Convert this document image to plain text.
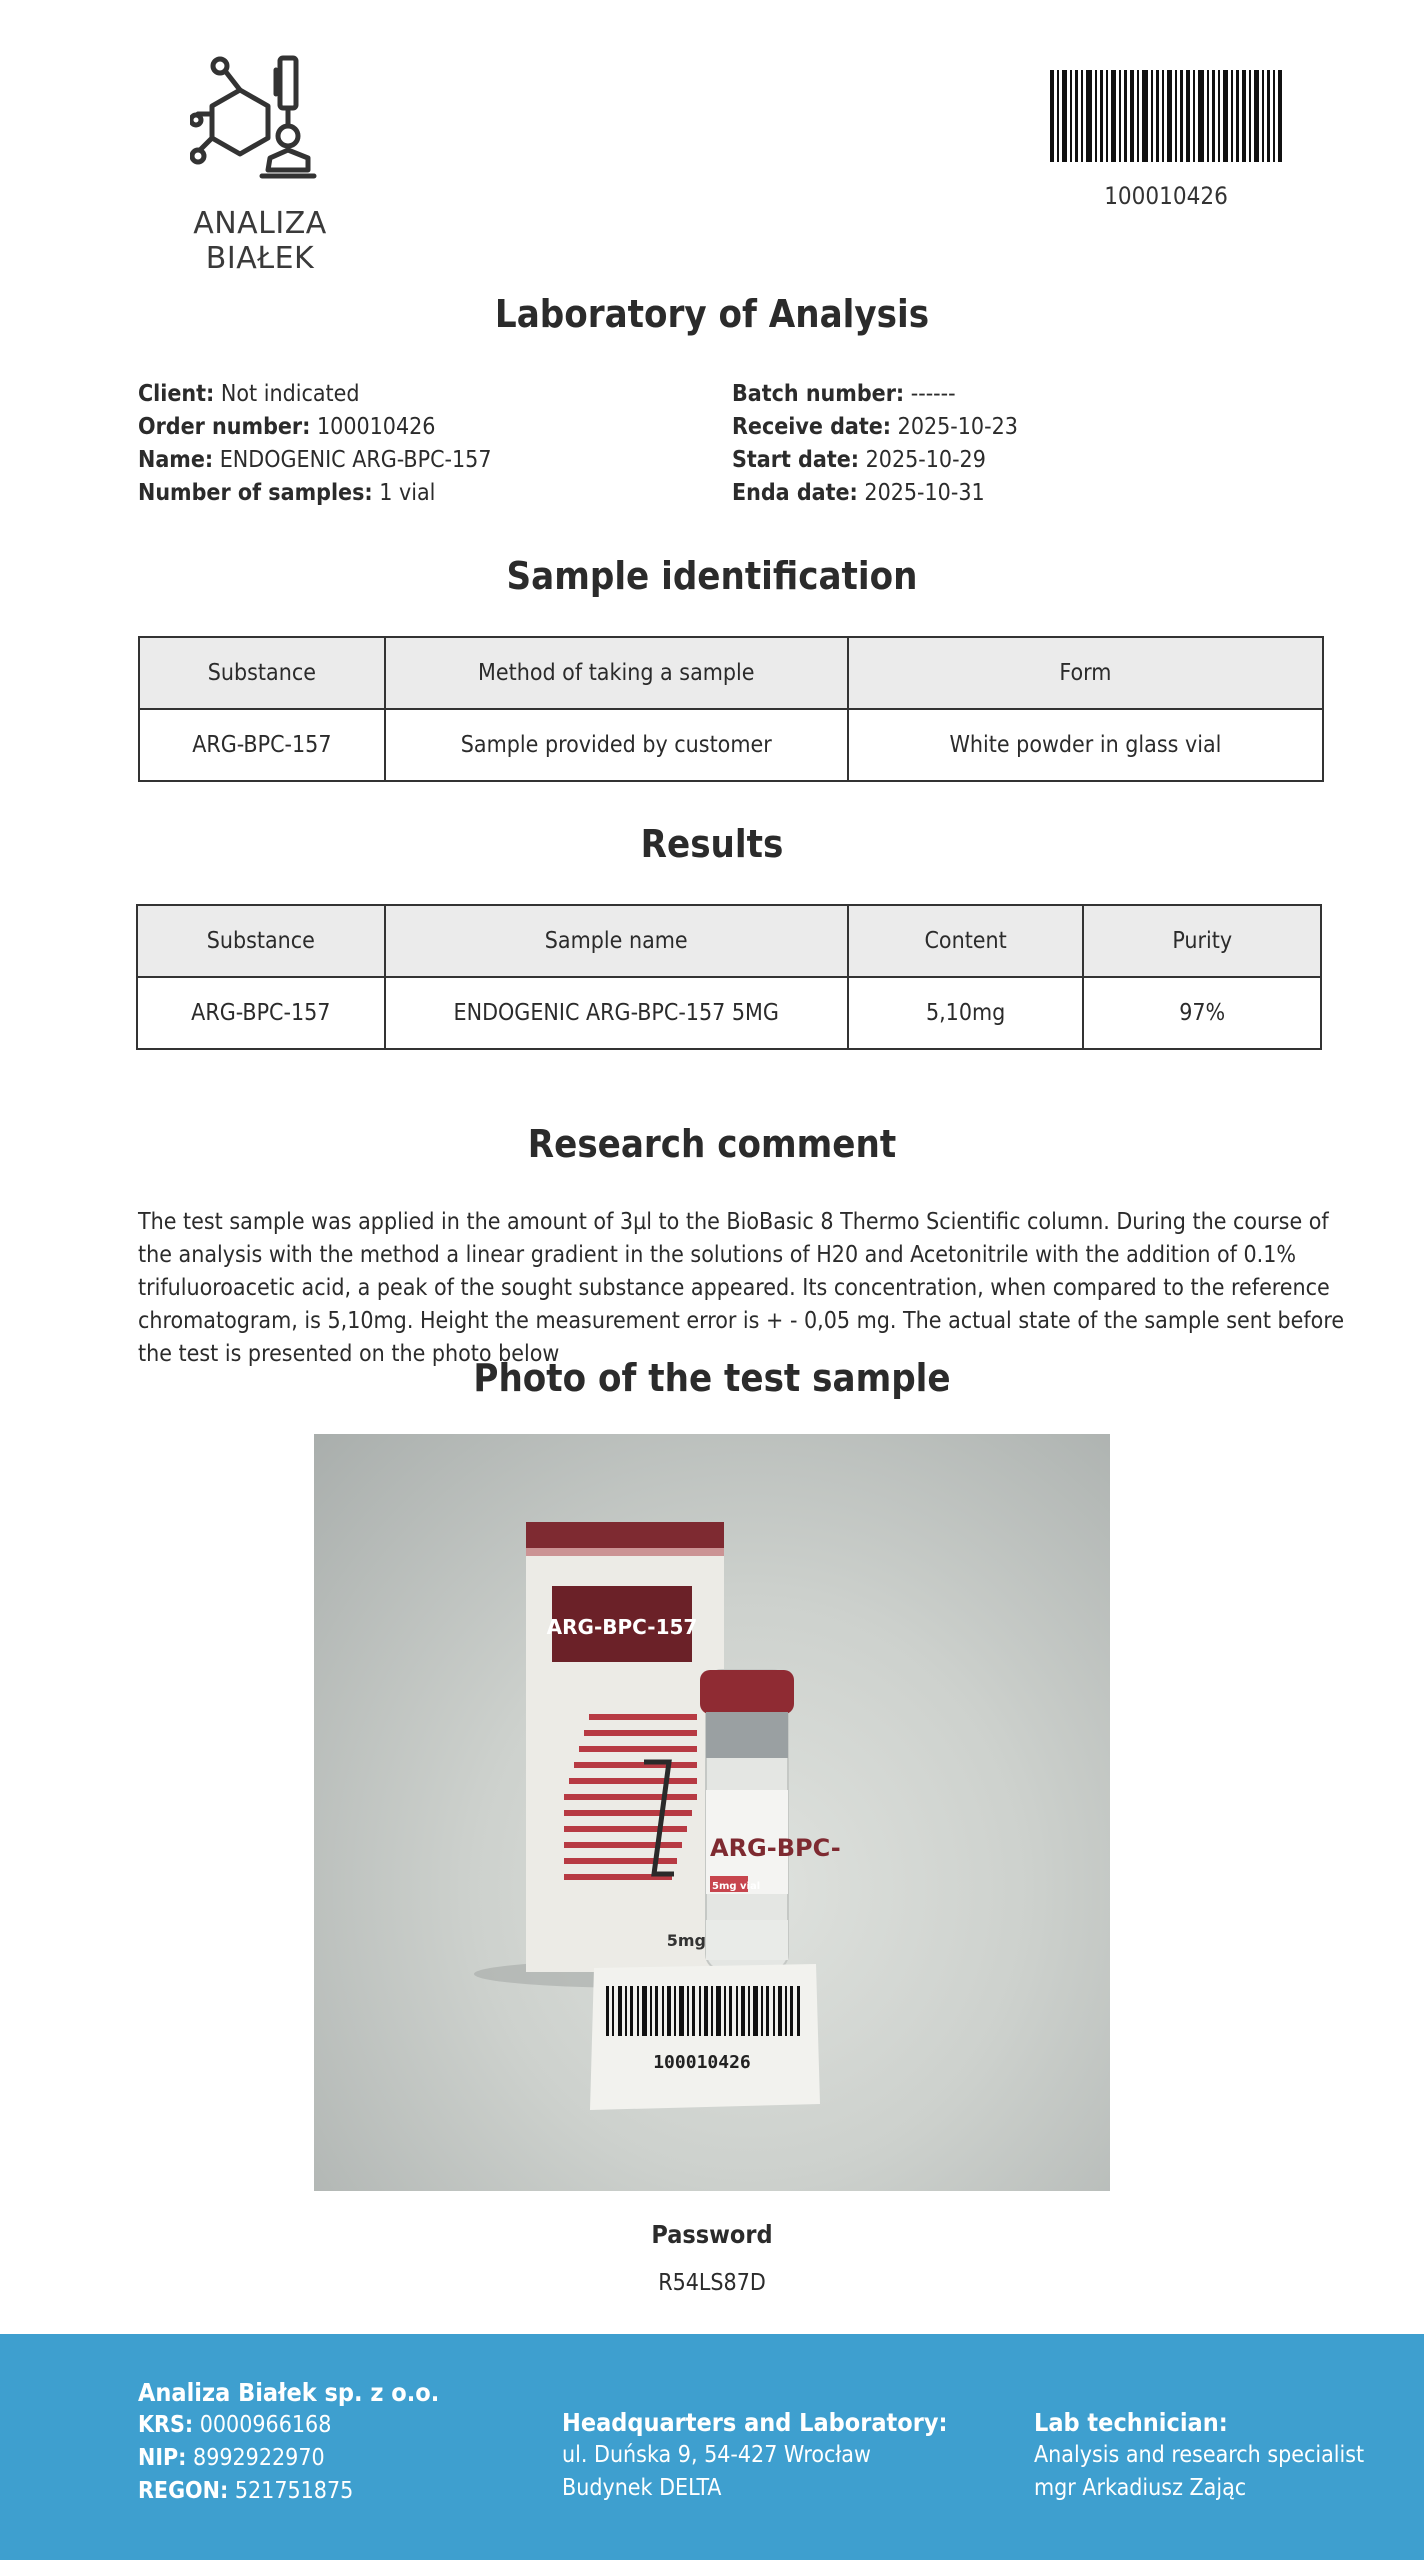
ANALIZA BIAŁEK
100010426
Laboratory of Analysis
Client: Not indicated
Order number: 100010426
Name: ENDOGENIC ARG-BPC-157
Number of samples: 1 vial
Batch number: ------
Receive date: 2025-10-23
Start date: 2025-10-29
Enda date: 2025-10-31
Sample identification
Substance	Method of taking a sample	Form
ARG-BPC-157	Sample provided by customer	White powder in glass vial
Results
Substance	Sample name	Content	Purity
ARG-BPC-157	ENDOGENIC ARG-BPC-157 5MG	5,10mg	97%
Research comment
The test sample was applied in the amount of 3µl to the BioBasic 8 Thermo Scientific column. During the course of the analysis with the method a linear gradient in the solutions of H20 and Acetonitrile with the addition of 0.1% trifuluoroacetic acid, a peak of the sought substance appeared. Its concentration, when compared to the reference chromatogram, is 5,10mg. Height the measurement error is + - 0,05 mg. The actual state of the sample sent before the test is presented on the photo below
Photo of the test sample
ARG-BPC-157
5mg
ARG-BPC-
5mg vial
100010426
Password
R54LS87D
Analiza Białek sp. z o.o.
KRS: 0000966168
NIP: 8992922970
REGON: 521751875
Headquarters and Laboratory:
ul. Duńska 9, 54-427 Wrocław
Budynek DELTA
Lab technician:
Analysis and research specialist
mgr Arkadiusz Zając
